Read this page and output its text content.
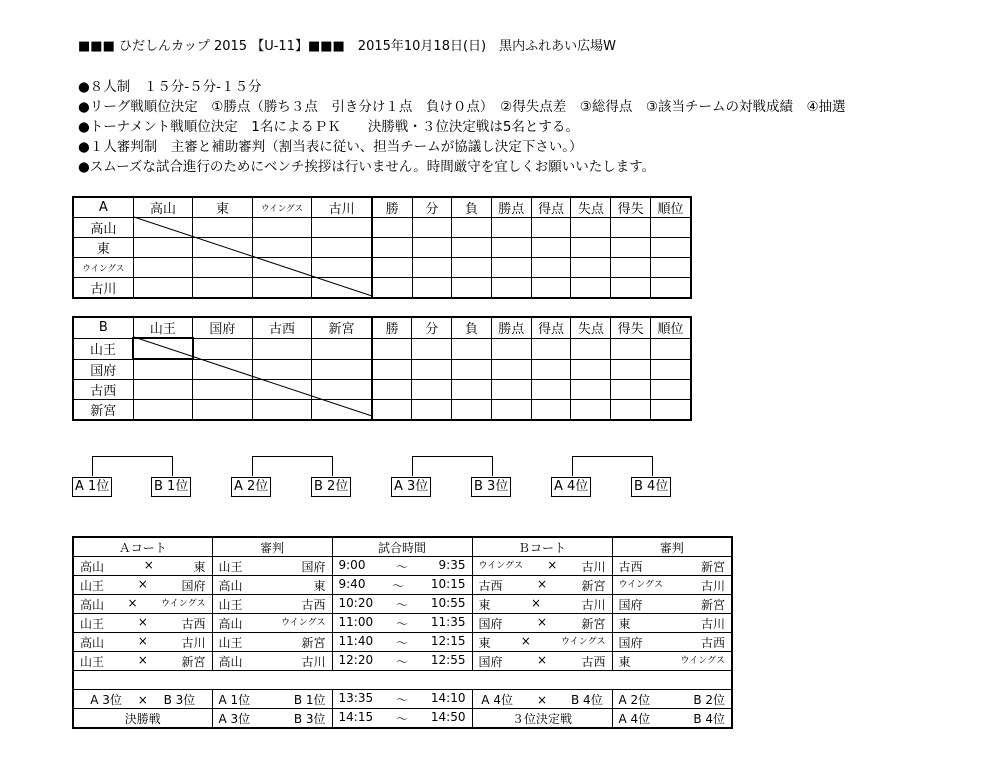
■■■ ひだしんカップ 2015 【U-11】■■■　2015年10月18日(日)　黒内ふれあい広場W
●８人制　１５分-５分-１５分
●リーグ戦順位決定　①勝点（勝ち３点　引き分け１点　負け０点）　②得失点差　③総得点　③該当チームの対戦成績　④抽選
●トーナメント戦順位決定　1名によるＰＫ　　決勝戦・３位決定戦は5名とする。
●１人審判制　主審と補助審判（割当表に従い、担当チームが協議し決定下さい。）
●スムーズな試合進行のためにベンチ挨拶は行いません。時間厳守を宜しくお願いいたします。
A	高山	東	ウイングス	古川	勝	分	負	勝点	得点	失点	得失	順位
高山												
東												
ウイングス												
古川												
B	山王	国府	古西	新宮	勝	分	負	勝点	得点	失点	得失	順位
山王												
国府												
古西												
新宮												
A 1位	B 1位	A 2位	B 2位	A 3位	B 3位	A 4位	B 4位
Ａコート	審判	試合時間	Ｂコート	審判

高山 × 東	山王 国府	9:00 ～ 9:35	ウイングス × 古川	古西 新宮

山王 × 国府	高山 東	9:40 ～ 10:15	古西 × 新宮	ウイングス 古川

高山 × ウイングス	山王 古西	10:20 ～ 10:55	東 × 古川	国府 新宮

山王 × 古西	高山 ウイングス	11:00 ～ 11:35	国府 × 新宮	東 古川

高山 × 古川	山王 新宮	11:40 ～ 12:15	東 × ウイングス	国府 古西

山王 × 新宮	高山 古川	12:20 ～ 12:55	国府 × 古西	東 ウイングス

A 3位 　×　 B 3位	A 1位 B 1位	13:35 ～ 14:10	A 4位　　×　　B 4位	A 2位 B 2位

決勝戦	A 3位 B 3位	14:15 ～ 14:50	３位決定戦	A 4位 B 4位
